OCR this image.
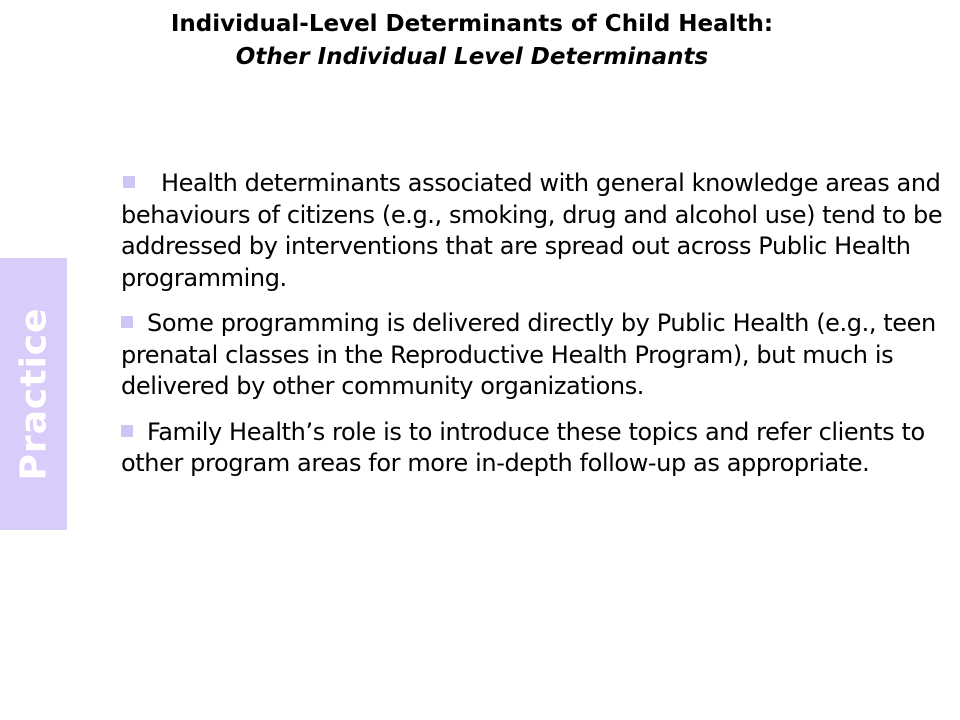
Individual-Level Determinants of Child Health:
Other Individual Level Determinants
Practice
Health determinants associated with general knowledge areas and behaviours of citizens (e.g., smoking, drug and alcohol use) tend to be addressed by interventions that are spread out across Public Health programming.
Some programming is delivered directly by Public Health (e.g., teen prenatal classes in the Reproductive Health Program), but much is delivered by other community organizations.
Family Health’s role is to introduce these topics and refer clients to other program areas for more in-depth follow-up as appropriate.
